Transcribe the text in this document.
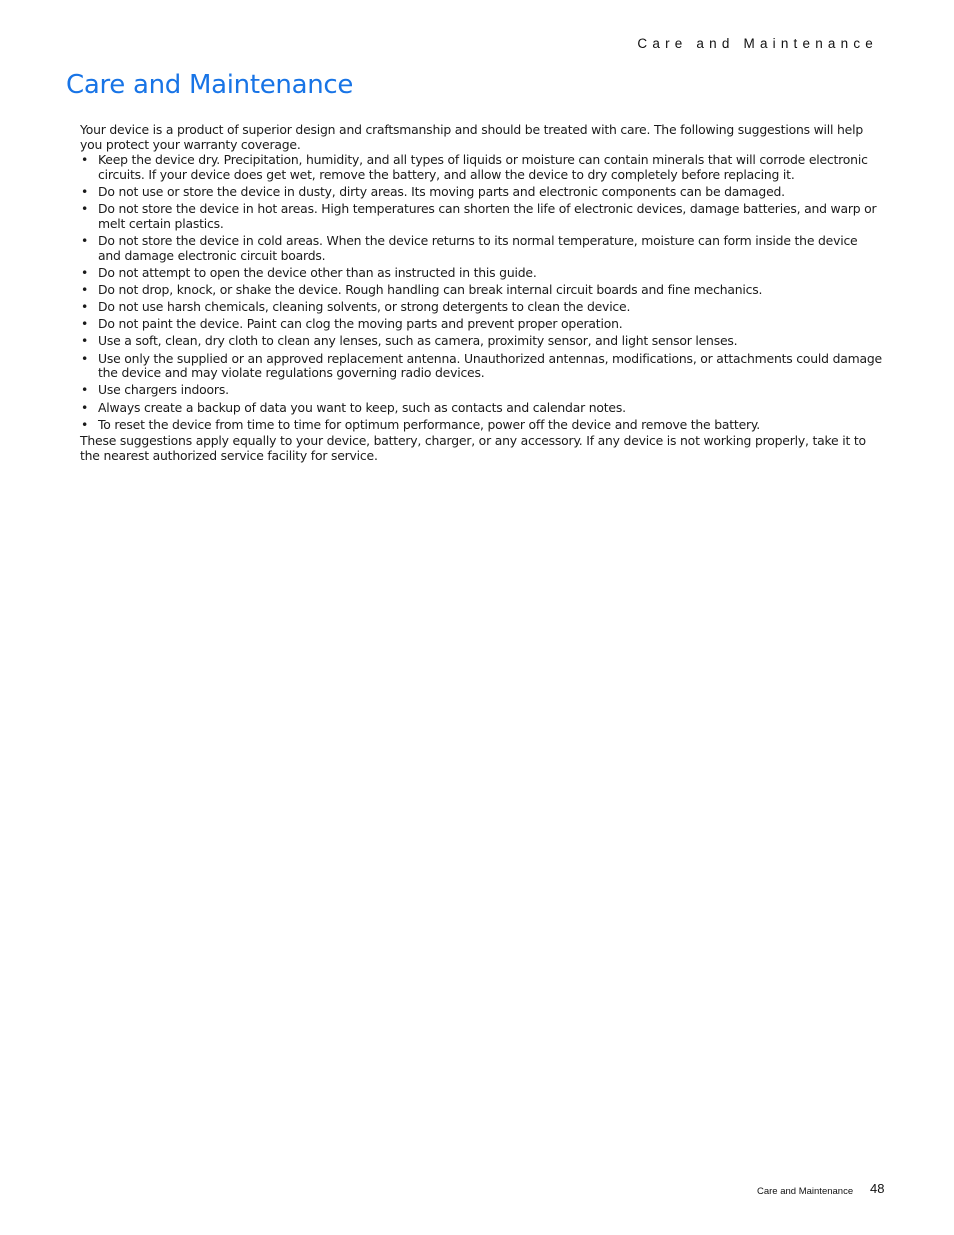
Care and Maintenance
Care and Maintenance

Your device is a product of superior design and craftsmanship and should be treated with care. The following suggestions will help you protect your warranty coverage.

• Keep the device dry. Precipitation, humidity, and all types of liquids or moisture can contain minerals that will corrode electronic circuits. If your device does get wet, remove the battery, and allow the device to dry completely before replacing it.
• Do not use or store the device in dusty, dirty areas. Its moving parts and electronic components can be damaged.
• Do not store the device in hot areas. High temperatures can shorten the life of electronic devices, damage batteries, and warp or melt certain plastics.
• Do not store the device in cold areas. When the device returns to its normal temperature, moisture can form inside the device and damage electronic circuit boards.
• Do not attempt to open the device other than as instructed in this guide.
• Do not drop, knock, or shake the device. Rough handling can break internal circuit boards and fine mechanics.
• Do not use harsh chemicals, cleaning solvents, or strong detergents to clean the device.
• Do not paint the device. Paint can clog the moving parts and prevent proper operation.
• Use a soft, clean, dry cloth to clean any lenses, such as camera, proximity sensor, and light sensor lenses.
• Use only the supplied or an approved replacement antenna. Unauthorized antennas, modifications, or attachments could damage the device and may violate regulations governing radio devices.
• Use chargers indoors.
• Always create a backup of data you want to keep, such as contacts and calendar notes.
• To reset the device from time to time for optimum performance, power off the device and remove the battery.

These suggestions apply equally to your device, battery, charger, or any accessory. If any device is not working properly, take it to the nearest authorized service facility for service.

Care and Maintenance 48
